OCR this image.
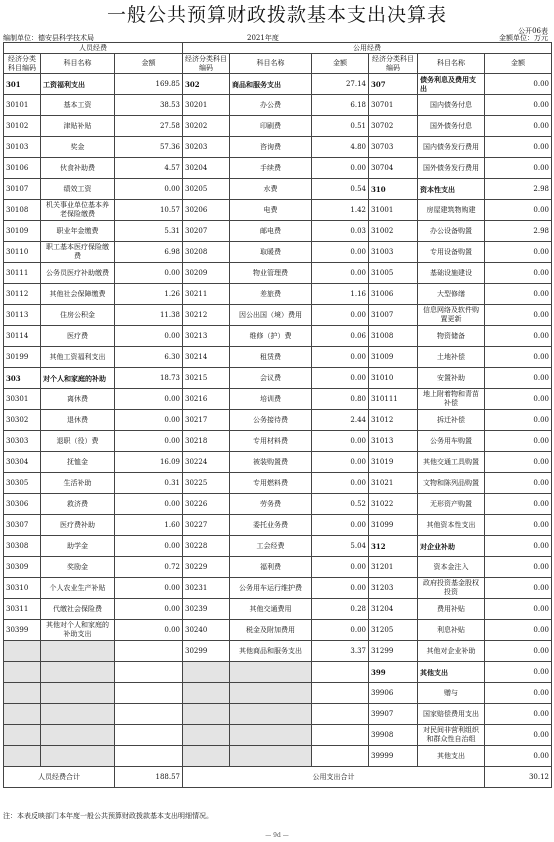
一般公共预算财政拨款基本支出决算表
公开06表
编制单位：德安县科学技术局	2021年度	金额单位：万元
人员经费			公用经费					
经济分类科目编码	科目名称	金额	经济分类科目编码	科目名称	金额	经济分类科目编码	科目名称	金额
301	工资福利支出	169.85	302	商品和服务支出	27.14	307	债务利息及费用支出	0.00
30101	基本工资	38.53	30201	办公费	6.18	30701	国内债务付息	0.00
30102	津贴补贴	27.58	30202	印刷费	0.51	30702	国外债务付息	0.00
30103	奖金	57.36	30203	咨询费	4.80	30703	国内债务发行费用	0.00
30106	伙食补助费	4.57	30204	手续费	0.00	30704	国外债务发行费用	0.00
30107	绩效工资	0.00	30205	水费	0.54	310	资本性支出	2.98
30108	机关事业单位基本养老保险缴费	10.57	30206	电费	1.42	31001	房屋建筑物购建	0.00
30109	职业年金缴费	5.31	30207	邮电费	0.03	31002	办公设备购置	2.98
30110	职工基本医疗保险缴费	6.98	30208	取暖费	0.00	31003	专用设备购置	0.00
30111	公务员医疗补助缴费	0.00	30209	物业管理费	0.00	31005	基础设施建设	0.00
30112	其他社会保障缴费	1.26	30211	差旅费	1.16	31006	大型修缮	0.00
30113	住房公积金	11.38	30212	因公出国（境）费用	0.00	31007	信息网络及软件购置更新	0.00
30114	医疗费	0.00	30213	维修（护）费	0.06	31008	物资储备	0.00
30199	其他工资福利支出	6.30	30214	租赁费	0.00	31009	土地补偿	0.00
303	对个人和家庭的补助	18.73	30215	会议费	0.00	31010	安置补助	0.00
30301	离休费	0.00	30216	培训费	0.80	310111	地上附着物和青苗补偿	0.00
30302	退休费	0.00	30217	公务接待费	2.44	31012	拆迁补偿	0.00
30303	退职（役）费	0.00	30218	专用材料费	0.00	31013	公务用车购置	0.00
30304	抚恤金	16.09	30224	被装购置费	0.00	31019	其他交通工具购置	0.00
30305	生活补助	0.31	30225	专用燃料费	0.00	31021	文物和陈列品购置	0.00
30306	救济费	0.00	30226	劳务费	0.52	31022	无形资产购置	0.00
30307	医疗费补助	1.60	30227	委托业务费	0.00	31099	其他资本性支出	0.00
30308	助学金	0.00	30228	工会经费	5.04	312	对企业补助	0.00
30309	奖励金	0.72	30229	福利费	0.00	31201	资本金注入	0.00
30310	个人农业生产补贴	0.00	30231	公务用车运行维护费	0.00	31203	政府投资基金股权投资	0.00
30311	代缴社会保险费	0.00	30239	其他交通费用	0.28	31204	费用补贴	0.00
30399	其他对个人和家庭的补助支出	0.00	30240	税金及附加费用	0.00	31205	利息补贴	0.00
			30299	其他商品和服务支出	3.37	31299	其他对企业补助	0.00
						399	其他支出	0.00
						39906	赠与	0.00
						39907	国家赔偿费用支出	0.00
						39908	对民间非营利组织和群众性自治组	0.00
						39999	其他支出	0.00
人员经费合计		188.57	公用支出合计					30.12
注：本表反映部门本年度一般公共预算财政拨款基本支出明细情况。
— 9d —
